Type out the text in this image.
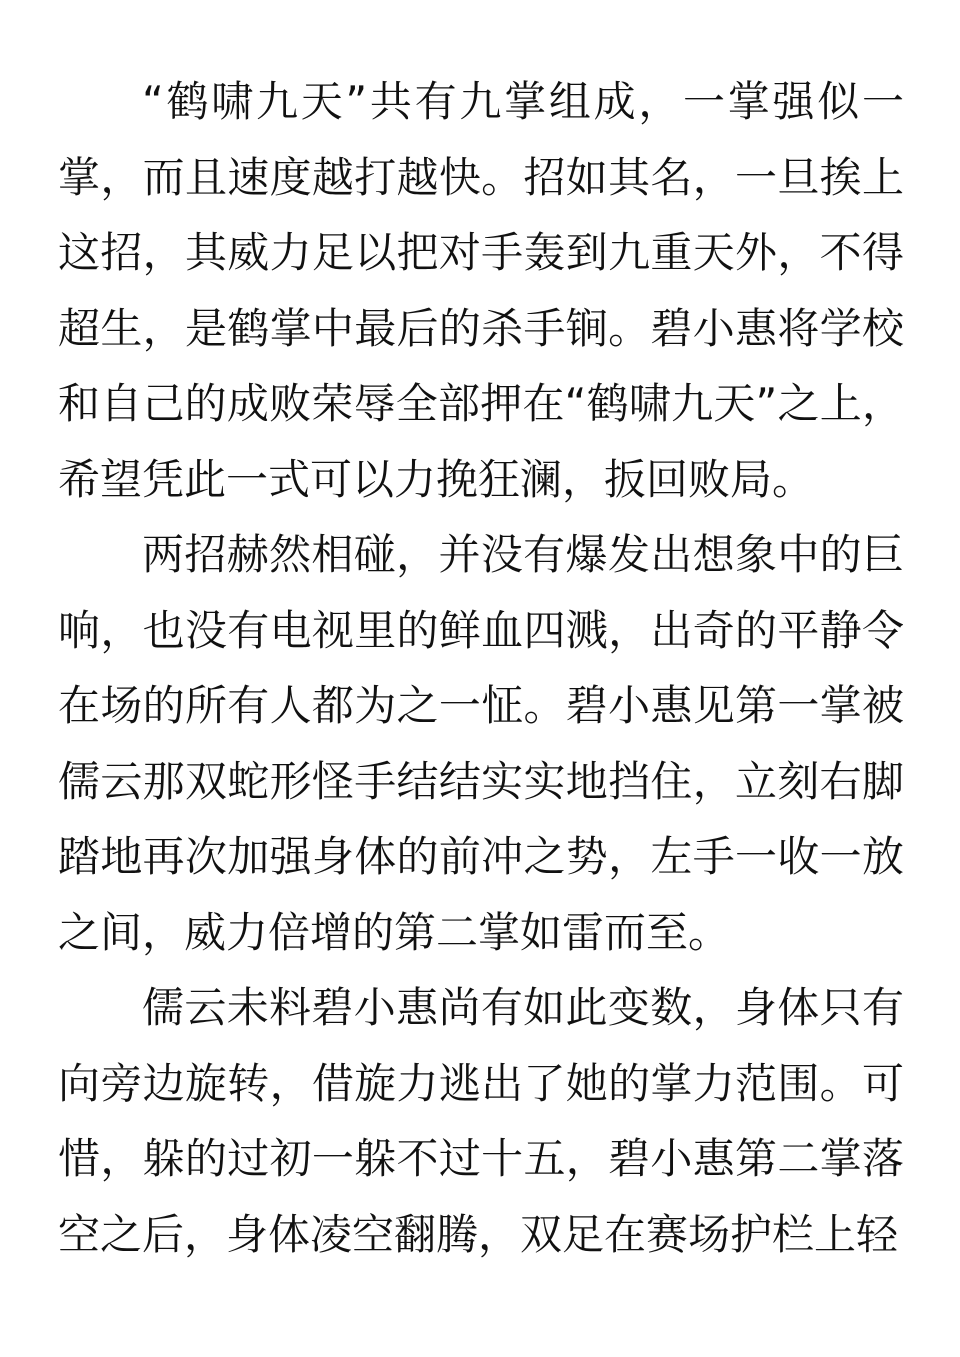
“鹤啸九天”共有九掌组成，一掌强似一掌，而且速度越打越快。招如其名，一旦挨上这招，其威力足以把对手轰到九重天外，不得超生，是鹤掌中最后的杀手锏。碧小惠将学校和自己的成败荣辱全部押在“鹤啸九天”之上，希望凭此一式可以力挽狂澜，扳回败局。

两招赫然相碰，并没有爆发出想象中的巨响，也没有电视里的鲜血四溅，出奇的平静令在场的所有人都为之一怔。碧小惠见第一掌被儒云那双蛇形怪手结结实实地挡住，立刻右脚踏地再次加强身体的前冲之势，左手一收一放之间，威力倍增的第二掌如雷而至。

儒云未料碧小惠尚有如此变数，身体只有向旁边旋转，借旋力逃出了她的掌力范围。可惜，躲的过初一躲不过十五，碧小惠第二掌落空之后，身体凌空翻腾，双足在赛场护栏上轻
